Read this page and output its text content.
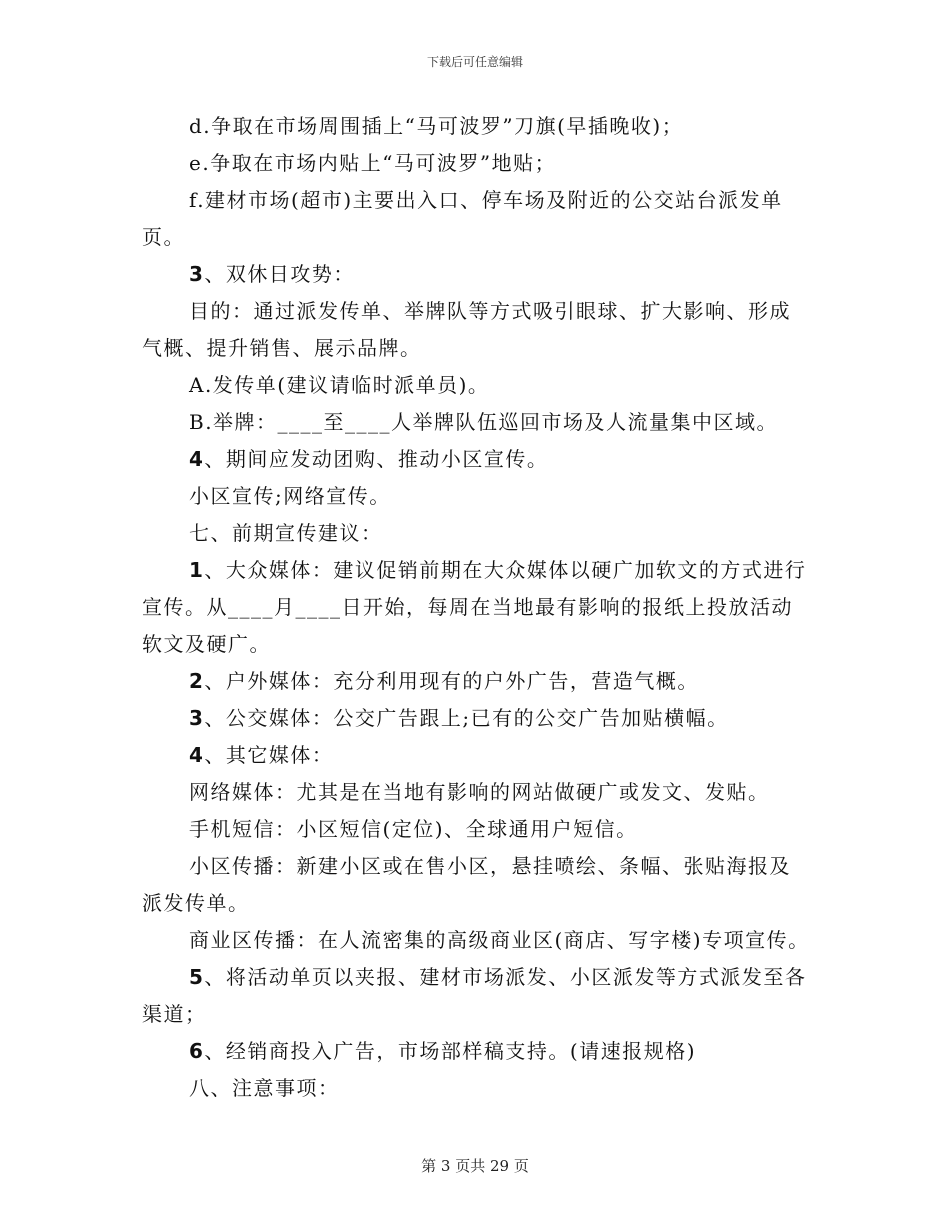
下载后可任意编辑

d.争取在市场周围插上“马可波罗”刀旗(早插晚收)；

e.争取在市场内贴上“马可波罗”地贴；

f.建材市场(超市)主要出入口、停车场及附近的公交站台派发单页。

3、双休日攻势：

目的：通过派发传单、举牌队等方式吸引眼球、扩大影响、形成气概、提升销售、展示品牌。

A.发传单(建议请临时派单员)。

B.举牌：____至____人举牌队伍巡回市场及人流量集中区域。

4、期间应发动团购、推动小区宣传。

小区宣传;网络宣传。

七、前期宣传建议：

1、大众媒体：建议促销前期在大众媒体以硬广加软文的方式进行宣传。从____月____日开始，每周在当地最有影响的报纸上投放活动软文及硬广。

2、户外媒体：充分利用现有的户外广告，营造气概。

3、公交媒体：公交广告跟上;已有的公交广告加贴横幅。

4、其它媒体：

网络媒体：尤其是在当地有影响的网站做硬广或发文、发贴。

手机短信：小区短信(定位)、全球通用户短信。

小区传播：新建小区或在售小区，悬挂喷绘、条幅、张贴海报及派发传单。

商业区传播：在人流密集的高级商业区(商店、写字楼)专项宣传。

5、将活动单页以夹报、建材市场派发、小区派发等方式派发至各渠道；

6、经销商投入广告，市场部样稿支持。(请速报规格)

八、注意事项：

第 3 页共 29 页
